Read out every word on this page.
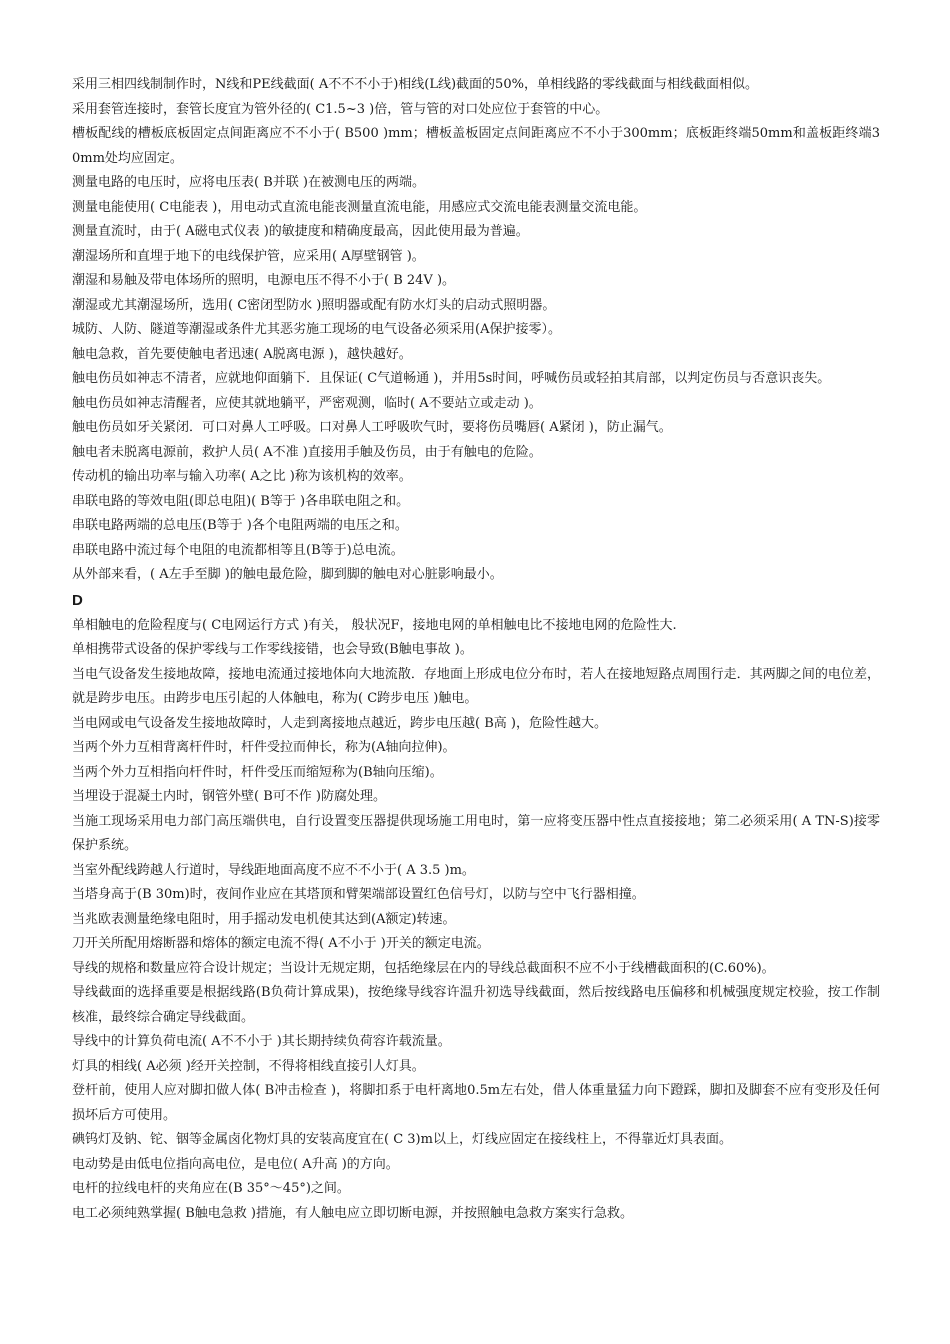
采用三相四线制制作时，N线和PE线截面( A不不不小于)相线(L线)截面的50%，单相线路的零线截面与相线截面相似。

采用套管连接时，套管长度宜为管外径的( C1.5~3 )倍，管与管的对口处应位于套管的中心。

槽板配线的槽板底板固定点间距离应不不小于( B500 )mm；槽板盖板固定点间距离应不不小于300mm；底板距终端50mm和盖板距终端30mm处均应固定。

测量电路的电压时，应将电压表( B并联 )在被测电压的两端。

测量电能使用( C电能表 )，用电动式直流电能丧测量直流电能，用感应式交流电能表测量交流电能。

测量直流时，由于( A磁电式仪表 )的敏捷度和精确度最高，因此使用最为普遍。

潮湿场所和直埋于地下的电线保护管，应采用( A厚壁钢管 )。

潮湿和易触及带电体场所的照明，电源电压不得不小于( B 24V )。

潮湿或尤其潮湿场所，选用( C密闭型防水 )照明器或配有防水灯头的启动式照明器。

城防、人防、隧道等潮湿或条件尤其恶劣施工现场的电气设备必须采用(A保护接零）。

触电急救，首先要使触电者迅速( A脱离电源 )，越快越好。

触电伤员如神志不清者，应就地仰面躺下．且保证( C气道畅通 )，并用5s时间，呼喊伤员或轻拍其肩部，以判定伤员与否意识丧失。

触电伤员如神志清醒者，应使其就地躺平，严密观测，临时( A不要站立或走动 )。

触电伤员如牙关紧闭．可口对鼻人工呼吸。口对鼻人工呼吸吹气时，要将伤员嘴唇( A紧闭 )，防止漏气。

触电者未脱离电源前，救护人员( A不准 )直接用手触及伤员，由于有触电的危险。

传动机的输出功率与输入功率( A之比 )称为该机构的效率。

串联电路的等效电阻(即总电阻)( B等于 )各串联电阻之和。

串联电路两端的总电压(B等于 )各个电阻两端的电压之和。

串联电路中流过每个电阻的电流都相等且(B等于)总电流。

从外部来看，( A左手至脚 )的触电最危险，脚到脚的触电对心脏影响最小。

D

单相触电的危险程度与( C电网运行方式 )有关， 般状况F，接地电网的单相触电比不接地电网的危险性大.

单相携带式设备的保护零线与工作零线接错，也会导致(B触电事故 )。

当电气设备发生接地故障，接地电流通过接地体向大地流散．存地面上形成电位分布时，若人在接地短路点周围行走．其两脚之间的电位差，就是跨步电压。由跨步电压引起的人体触电，称为( C跨步电压 )触电。

当电网或电气设备发生接地故障时，人走到离接地点越近，跨步电压越( B高 )，危险性越大。

当两个外力互相背离杆件时，杆件受拉而伸长，称为(A轴向拉伸)。

当两个外力互相指向杆件时，杆件受压而缩短称为(B轴向压缩)。

当埋设于混凝土内时，钢管外壁( B可不作 )防腐处理。

当施工现场采用电力部门高压端供电，自行设置变压器提供现场施工用电时，第一应将变压器中性点直接接地；第二必须采用( A TN-S)接零保护系统。

当室外配线跨越人行道时，导线距地面高度不应不不小于( A 3.5 )m。

当塔身高于(B 30m)时，夜间作业应在其塔顶和臂架端部设置红色信号灯，以防与空中飞行器相撞。

当兆欧表测量绝缘电阻时，用手摇动发电机使其达到(A额定)转速。

刀开关所配用熔断器和熔体的额定电流不得( A不小于 )开关的额定电流。

导线的规格和数量应符合设计规定；当设计无规定期，包括绝缘层在内的导线总截面积不应不小于线槽截面积的(C.60%)。

导线截面的选择重要是根据线路(B负荷计算成果)，按绝缘导线容许温升初选导线截面，然后按线路电压偏移和机械强度规定校验，按工作制核准，最终综合确定导线截面。

导线中的计算负荷电流( A不不小于 )其长期持续负荷容许载流量。

灯具的相线( A必须 )经开关控制，不得将相线直接引人灯具。

登杆前，使用人应对脚扣做人体( B冲击检查 )，将脚扣系于电杆离地0.5m左右处，借人体重量猛力向下蹬踩，脚扣及脚套不应有变形及任何损坏后方可使用。

碘钨灯及钠、铊、铟等金属卤化物灯具的安装高度宜在( C 3)m以上，灯线应固定在接线柱上，不得靠近灯具表面。

电动势是由低电位指向高电位，是电位( A升高 )的方向。

电杆的拉线电杆的夹角应在(B 35°～45°)之间。

电工必须纯熟掌握( B触电急救 )措施，有人触电应立即切断电源，并按照触电急救方案实行急救。
